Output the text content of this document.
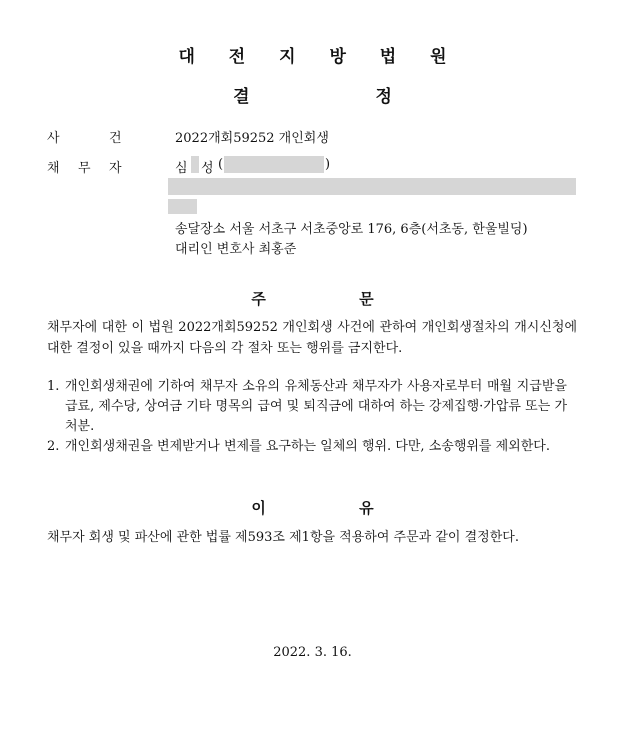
대 전 지 방 법 원
결 정
사	건	2022개회59252 개인회생
채 무 자	심 성 (	)
송달장소 서울 서초구 서초중앙로 176, 6층(서초동, 한울빌딩)
대리인 변호사 최홍준
주 문
채무자에 대한 이 법원 2022개회59252 개인회생 사건에 관하여 개인회생절차의 개시신청에 대한 결정이 있을 때까지 다음의 각 절차 또는 행위를 금지한다.
1. 개인회생채권에 기하여 채무자 소유의 유체동산과 채무자가 사용자로부터 매월 지급받을 급료, 제수당, 상여금 기타 명목의 급여 및 퇴직금에 대하여 하는 강제집행·가압류 또는 가처분.
2. 개인회생채권을 변제받거나 변제를 요구하는 일체의 행위. 다만, 소송행위를 제외한다.
이 유
채무자 회생 및 파산에 관한 법률 제593조 제1항을 적용하여 주문과 같이 결정한다.
2022. 3. 16.
